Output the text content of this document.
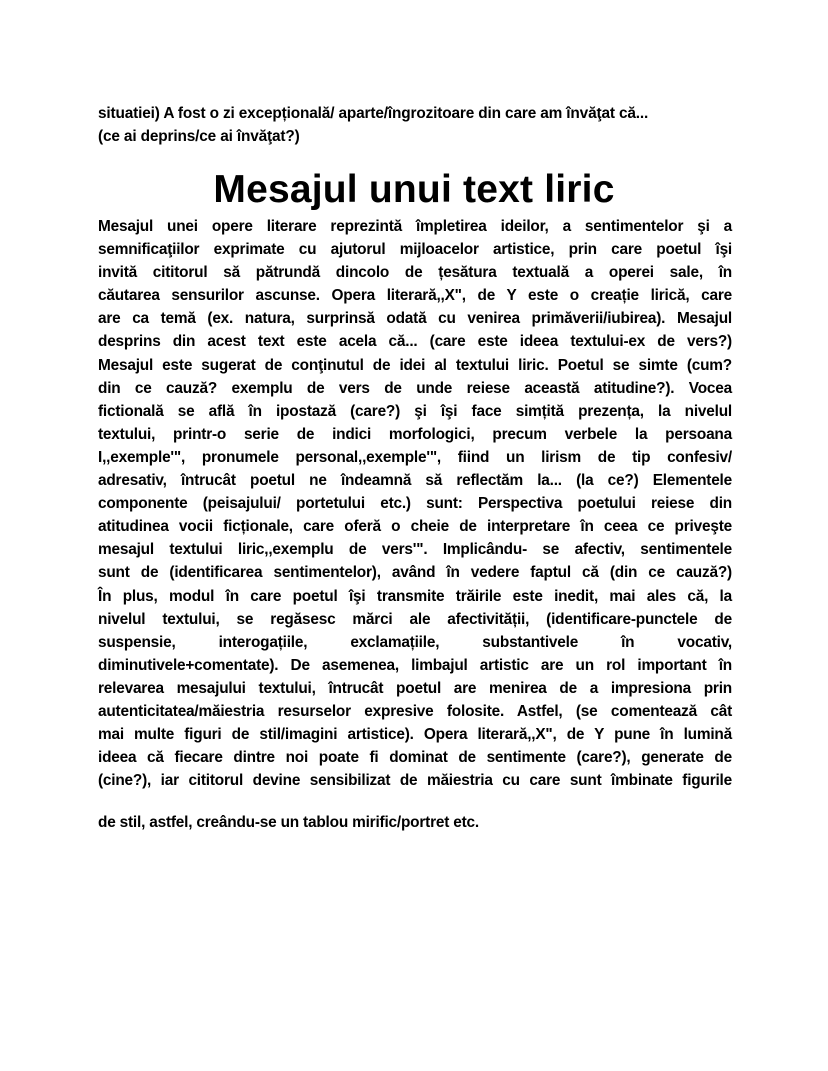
situatiei) A fost o zi excepțională/ aparte/îngrozitoare din care am învăţat că...
(ce ai deprins/ce ai învăţat?)
Mesajul unui text liric
Mesajul unei opere literare reprezintă împletirea ideilor, a sentimentelor şi a
semnificaţiilor exprimate cu ajutorul mijloacelor artistice, prin care poetul îşi
invită cititorul să pătrundă dincolo de țesătura textuală a operei sale, în
căutarea sensurilor ascunse. Opera literară,,X", de Y este o creație lirică, care
are ca temă (ex. natura, surprinsă odată cu venirea primăverii/iubirea). Mesajul
desprins din acest text este acela că... (care este ideea textului-ex de vers?)
Mesajul este sugerat de conţinutul de idei al textului liric. Poetul se simte (cum?
din ce cauză? exemplu de vers de unde reiese această atitudine?). Vocea
fictională se află în ipostază (care?) şi îşi face simțită prezența, la nivelul
textului, printr-o serie de indici morfologici, precum verbele la persoana
I,,exemple'", pronumele personal,,exemple'", fiind un lirism de tip confesiv/
adresativ, întrucât poetul ne îndeamnă să reflectăm la... (la ce?) Elementele
componente (peisajului/ portetului etc.) sunt: Perspectiva poetului reiese din
atitudinea vocii ficționale, care oferă o cheie de interpretare în ceea ce priveşte
mesajul textului liric,,exemplu de vers'". Implicându- se afectiv, sentimentele
sunt de (identificarea sentimentelor), având în vedere faptul că (din ce cauză?)
În plus, modul în care poetul îşi transmite trăirile este inedit, mai ales că, la
nivelul textului, se regăsesc mărci ale afectivității, (identificare-punctele de
suspensie, interogațiile, exclamațiile, substantivele în vocativ,
diminutivele+comentate). De asemenea, limbajul artistic are un rol important în
relevarea mesajului textului, întrucât poetul are menirea de a impresiona prin
autenticitatea/măiestria resurselor expresive folosite. Astfel, (se comentează cât
mai multe figuri de stil/imagini artistice). Opera literară,,X", de Y pune în lumină
ideea că fiecare dintre noi poate fi dominat de sentimente (care?), generate de
(cine?), iar cititorul devine sensibilizat de măiestria cu care sunt îmbinate figurile
de stil, astfel, creându-se un tablou mirific/portret etc.
